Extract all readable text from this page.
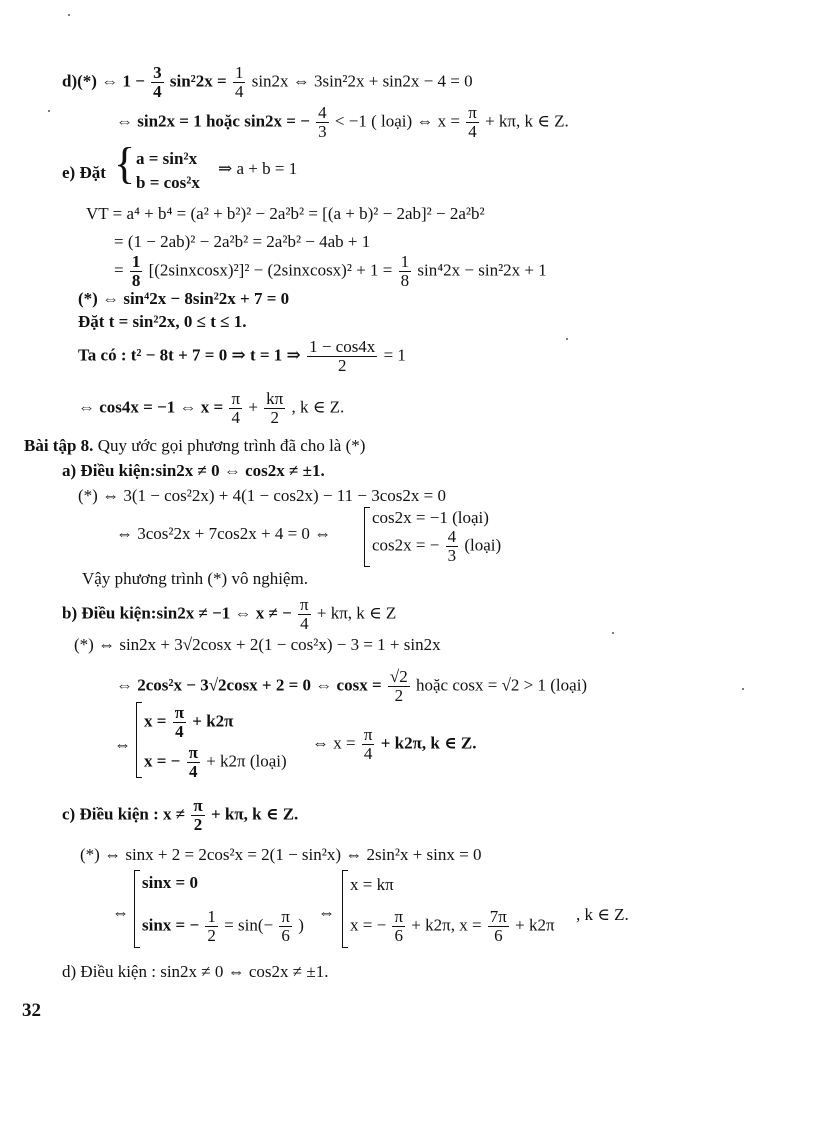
d)(*) ⇔ $1 - \frac{3}{4} \sin^22x = \frac{1}{4} \sin 2x$ ⇔ 3sin²2x + sin2x − 4 = 0
⇔ sin2x = 1 hoặc sin2x = − $\frac{4}{3} < -1$ ( loại) ⇔ $x = \frac{\pi}{4} + k\pi$, k ∈ Z.
e) Đặt { a = sin²x
b = cos²x
⇒ a + b = 1
VT = a⁴ + b⁴ = (a² + b²)² − 2a²b² = [(a + b)² − 2ab]² − 2a²b²
= (1 − 2ab)² − 2a²b² = 2a²b² − 4ab + 1
= $\frac{1}{8}$ [(2sinxcosx)²]² − (2sinxcosx)² + $1 = \frac{1}{8} \sin^42x - \sin^22x + 1$
(*) ⇔ sin⁴2x − 8sin²2x + 7 = 0
Đặt t = sin²2x, 0 ≤ t ≤ 1.
Ta có : t² − 8t + 7 = 0 ⇒ t = 1 ⇒ $\frac{1 - \cos 4x}{2} = 1$
⇔ cos4x = −1 ⇔ $x = \frac{\pi}{4} + \frac{k\pi}{2}$ , k ∈ Z.
Bài tập 8. Quy ước gọi phương trình đã cho là (*)
a) Điều kiện:sin2x ≠ 0 ⇔ cos2x ≠ ±1.
(*) ⇔ 3(1 − cos²2x) + 4(1 − cos2x) − 11 − 3cos2x = 0
⇔ 3cos²2x + 7cos2x + 4 = 0 ⇔
cos2x = −1 (loại)
cos2x = − $\frac{4}{3}$ (loại)
Vậy phương trình (*) vô nghiệm.
b) Điều kiện:sin2x ≠ −1 ⇔ x ≠ − $\frac{\pi}{4} + k\pi$, k ∈ Z
(*) ⇔ sin2x + 3√2cosx + 2(1 − cos²x) − 3 = 1 + sin2x
⇔ 2cos²x − 3√2cosx + 2 = 0 ⇔ $\cos x = \frac{√2}{2}$ hoặc cosx = √2 > 1 (loại)
⇔
$x = \frac{\pi}{4} + k2\pi$
x = − $\frac{\pi}{4} + k2\pi$ (loại)
⇔ $x = \frac{\pi}{4} + k2\pi$, k ∈ Z.
c) Điều kiện : $x \ne \frac{\pi}{2} + k\pi$, k ∈ Z.
(*) ⇔ sinx + 2 = 2cos²x = 2(1 − sin²x) ⇔ 2sin²x + sinx = 0
⇔
sinx = 0
sinx = − $\frac{1}{2} = \sin(- \frac{\pi}{6}$ )
⇔
x = kπ
x = − $\frac{\pi}{6} + k2\pi$, $x = \frac{7\pi}{6} + k2\pi$
, k ∈ Z.
d) Điều kiện : sin2x ≠ 0 ⇔ cos2x ≠ ±1.
32
